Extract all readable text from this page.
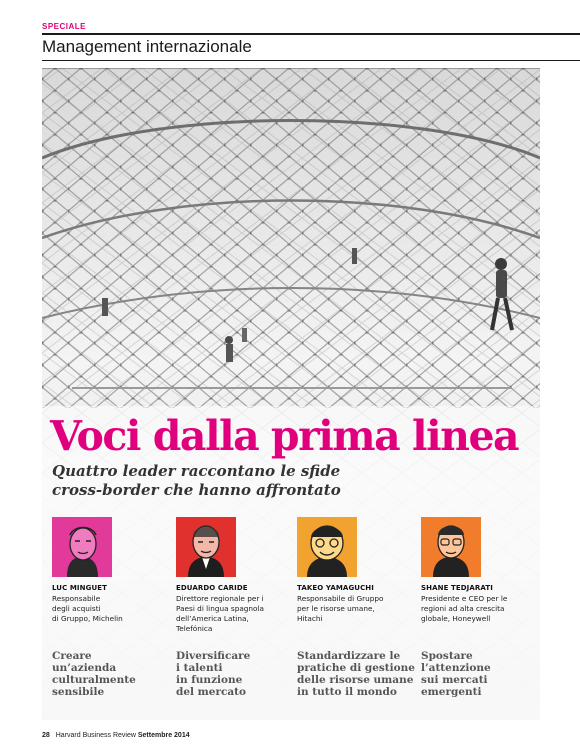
SPECIALE
Management internazionale
Voci dalla prima linea
Quattro leader raccontano le sfide
cross-border che hanno affrontato
LUC MINGUET
Responsabile
degli acquisti
di Gruppo, Michelin
EDUARDO CARIDE
Direttore regionale per i
Paesi di lingua spagnola
dell’America Latina,
Telefónica
TAKEO YAMAGUCHI
Responsabile di Gruppo
per le risorse umane,
Hitachi
SHANE TEDJARATI
Presidente e CEO per le
regioni ad alta crescita
globale, Honeywell
Creare
un’azienda
culturalmente
sensibile
Diversificare
i talenti
in funzione
del mercato
Standardizzare le
pratiche di gestione
delle risorse umane
in tutto il mondo
Spostare
l’attenzione
sui mercati
emergenti
28 Harvard Business Review Settembre 2014
